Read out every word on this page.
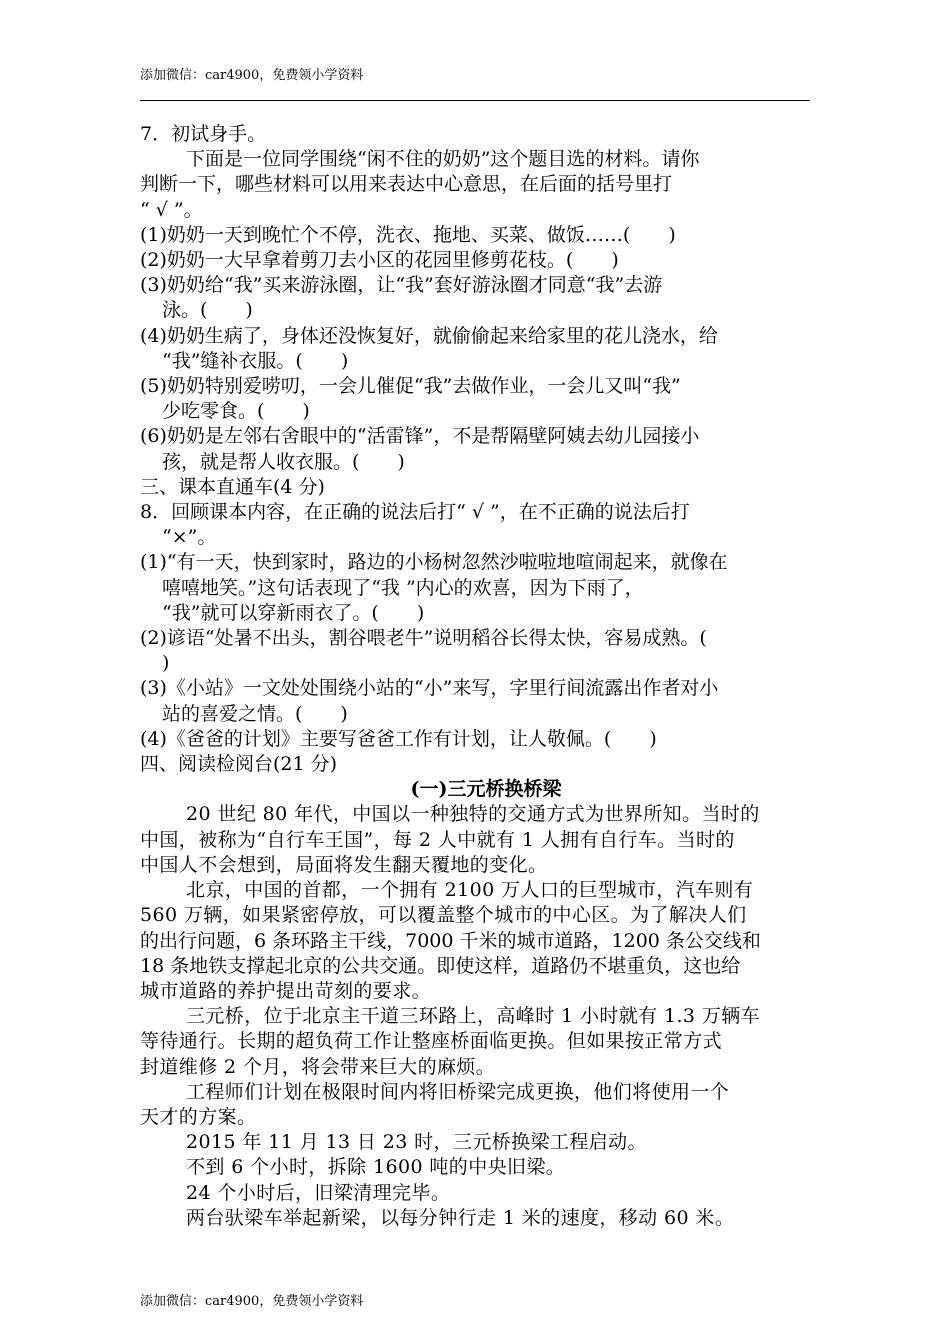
添加微信：car4900，免费领小学资料
7．初试身手。
下面是一位同学围绕“闲不住的奶奶”这个题目选的材料。请你
判断一下，哪些材料可以用来表达中心意思，在后面的括号里打
“ √ ”。
(1)奶奶一天到晚忙个不停，洗衣、拖地、买菜、做饭……(　　)
(2)奶奶一大早拿着剪刀去小区的花园里修剪花枝。(　　)
(3)奶奶给“我”买来游泳圈，让“我”套好游泳圈才同意“我”去游
泳。(　　)
(4)奶奶生病了，身体还没恢复好，就偷偷起来给家里的花儿浇水，给
“我”缝补衣服。(　　)
(5)奶奶特别爱唠叨，一会儿催促“我”去做作业，一会儿又叫“我”
少吃零食。(　　)
(6)奶奶是左邻右舍眼中的“活雷锋”，不是帮隔壁阿姨去幼儿园接小
孩，就是帮人收衣服。(　　)
三、课本直通车(4 分)
8．回顾课本内容，在正确的说法后打“ √ ”，在不正确的说法后打
“×”。
(1)“有一天，快到家时，路边的小杨树忽然沙啦啦地喧闹起来，就像在
嘻嘻地笑。”这句话表现了“我 ”内心的欢喜，因为下雨了，
“我”就可以穿新雨衣了。(　　)
(2)谚语“处暑不出头，割谷喂老牛”说明稻谷长得太快，容易成熟。(
)
(3)《小站》一文处处围绕小站的“小”来写，字里行间流露出作者对小
站的喜爱之情。(　　)
(4)《爸爸的计划》主要写爸爸工作有计划，让人敬佩。(　　)
四、阅读检阅台(21 分)
(一)三元桥换桥梁
20 世纪 80 年代，中国以一种独特的交通方式为世界所知。当时的
中国，被称为“自行车王国”，每 2 人中就有 1 人拥有自行车。当时的
中国人不会想到，局面将发生翻天覆地的变化。
北京，中国的首都，一个拥有 2100 万人口的巨型城市，汽车则有
560 万辆，如果紧密停放，可以覆盖整个城市的中心区。为了解决人们
的出行问题，6 条环路主干线，7000 千米的城市道路，1200 条公交线和
18 条地铁支撑起北京的公共交通。即使这样，道路仍不堪重负，这也给
城市道路的养护提出苛刻的要求。
三元桥，位于北京主干道三环路上，高峰时 1 小时就有 1.3 万辆车
等待通行。长期的超负荷工作让整座桥面临更换。但如果按正常方式
封道维修 2 个月，将会带来巨大的麻烦。
工程师们计划在极限时间内将旧桥梁完成更换，他们将使用一个
天才的方案。
2015 年 11 月 13 日 23 时，三元桥换梁工程启动。
不到 6 个小时，拆除 1600 吨的中央旧梁。
24 个小时后，旧梁清理完毕。
两台驮梁车举起新梁，以每分钟行走 1 米的速度，移动 60 米。
添加微信：car4900，免费领小学资料
